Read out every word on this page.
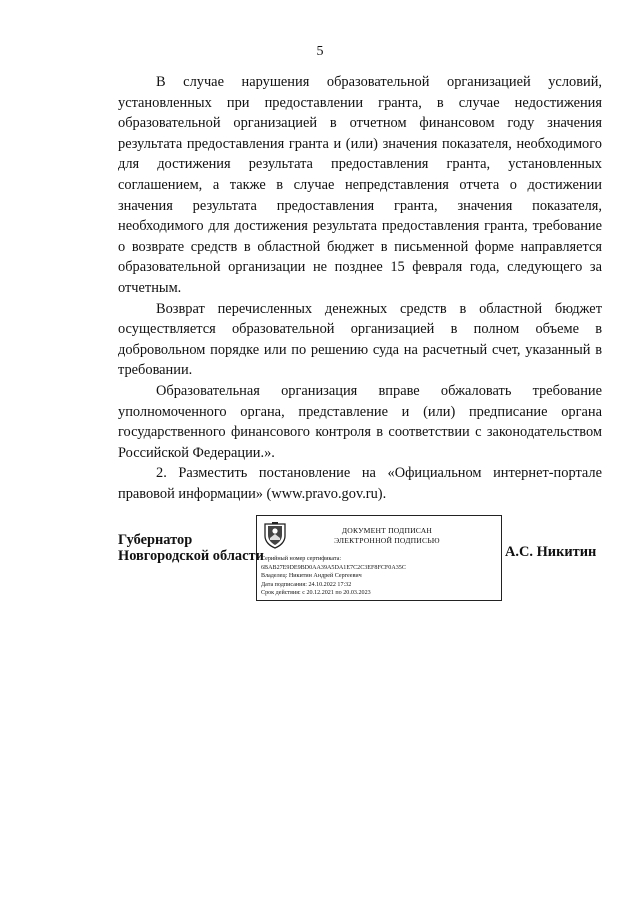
5

В случае нарушения образовательной организацией условий, установленных при предоставлении гранта, в случае недостижения образовательной организацией в отчетном финансовом году значения результата предоставления гранта и (или) значения показателя, необходимого для достижения результата предоставления гранта, установленных соглашением, а также в случае непредставления отчета о достижении значения результата предоставления гранта, значения показателя, необходимого для достижения результата предоставления гранта, требование о возврате средств в областной бюджет в письменной форме направляется образовательной организации не позднее 15 февраля года, следующего за отчетным.

Возврат перечисленных денежных средств в областной бюджет осуществляется образовательной организацией в полном объеме в добровольном порядке или по решению суда на расчетный счет, указанный в требовании.

Образовательная организация вправе обжаловать требование уполномоченного органа, представление и (или) предписание органа государственного финансового контроля в соответствии с законодательством Российской Федерации.».

2. Разместить постановление на «Официальном интернет-портале правовой информации» (www.pravo.gov.ru).

Губернатор
Новгородской области
ДОКУМЕНТ ПОДПИСАН
ЭЛЕКТРОННОЙ ПОДПИСЬЮ
Серийный номер сертификата:
6BAB27E9DE9BD0AA39A5DA1E7C2C3EF8FCF0A35C
Владелец: Никитин Андрей Сергеевич
Дата подписания: 24.10.2022 17:32
Срок действия: с 20.12.2021 по 20.03.2023
А.С. Никитин
